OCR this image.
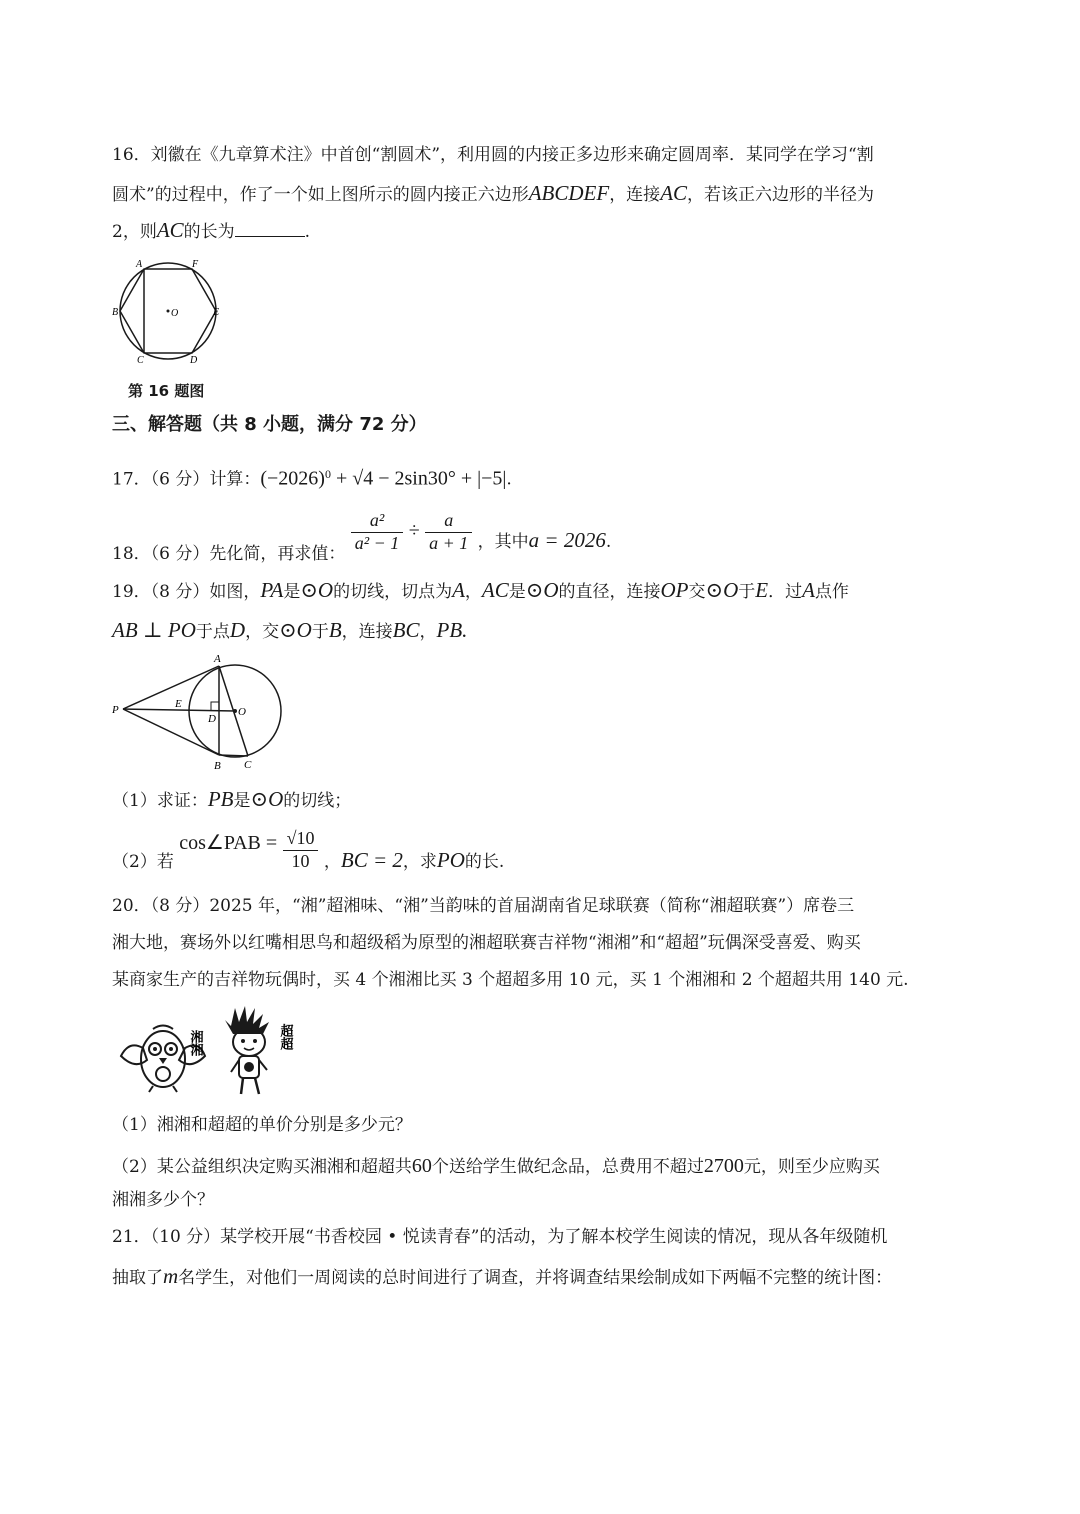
16．刘徽在《九章算术注》中首创“割圆术”，利用圆的内接正多边形来确定圆周率．某同学在学习“割
圆术”的过程中，作了一个如上图所示的圆内接正六边形ABCDEF，连接AC，若该正六边形的半径为
2，则AC的长为	.
A	F
B	E
C	D
O
第 16 题图
三、解答题（共 8 小题，满分 72 分）
17．（6 分）计算：$(-2026)^0 + √4 - 2\sin 30^\circ + |-5|$.
18．（6 分）先化简，再求值： $\frac{\text{a²}}{\text{a² − 1}} \div \frac{a}{a + 1}$ ，其中a = 2026.
19．（8 分）如图，PA是⊙O的切线，切点为A，AC是⊙O的直径，连接OP交⊙O于E．过A点作
AB ⊥ PO于点D，交⊙O于B，连接BC，PB.
A
P	E
D
O
B C
（1）求证：PB是⊙O的切线；
（2）若 cos∠PAB = $\frac{√10}{10}$ ，BC = 2，求PO的长.
20．（8 分）2025 年，“湘”超湘味、“湘”当韵味的首届湖南省足球联赛（简称“湘超联赛”）席卷三
湘大地，赛场外以红嘴相思鸟和超级稻为原型的湘超联赛吉祥物“湘湘”和“超超”玩偶深受喜爱、购买
某商家生产的吉祥物玩偶时，买 4 个湘湘比买 3 个超超多用 10 元，买 1 个湘湘和 2 个超超共用 140 元.
湘湘	超超
（1）湘湘和超超的单价分别是多少元？
（2）某公益组织决定购买湘湘和超超共60个送给学生做纪念品，总费用不超过2700元，则至少应购买
湘湘多少个？
21．（10 分）某学校开展“书香校园 • 悦读青春”的活动，为了解本校学生阅读的情况，现从各年级随机
抽取了m名学生，对他们一周阅读的总时间进行了调查，并将调查结果绘制成如下两幅不完整的统计图：
